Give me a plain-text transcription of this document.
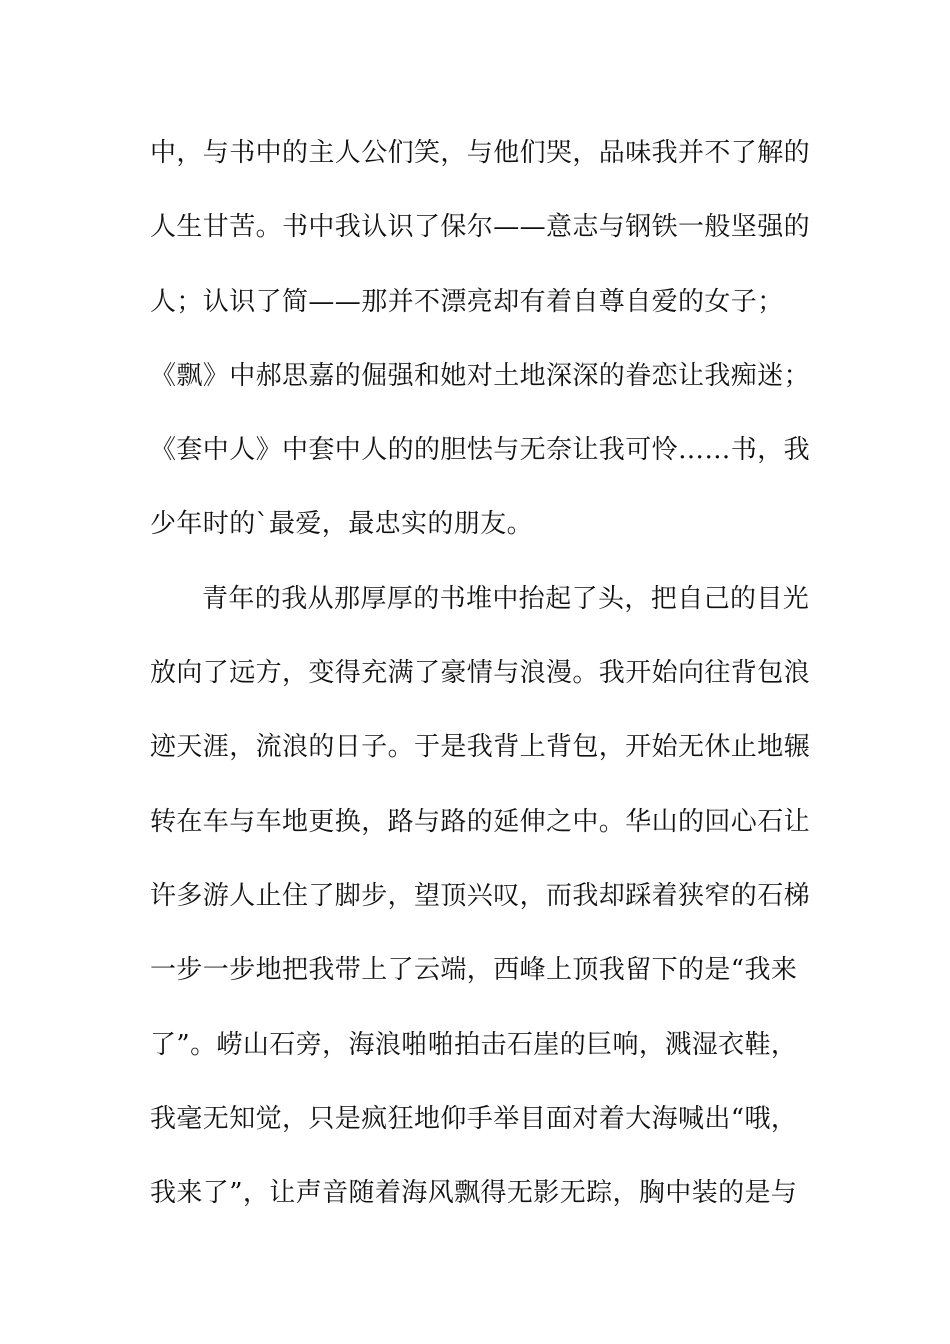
中，与书中的主人公们笑，与他们哭，品味我并不了解的
人生甘苦。书中我认识了保尔——意志与钢铁一般坚强的
人；认识了简——那并不漂亮却有着自尊自爱的女子；
《飘》中郝思嘉的倔强和她对土地深深的眷恋让我痴迷；
《套中人》中套中人的的胆怯与无奈让我可怜……书，我
少年时的`最爱，最忠实的朋友。
青年的我从那厚厚的书堆中抬起了头，把自己的目光
放向了远方，变得充满了豪情与浪漫。我开始向往背包浪
迹天涯，流浪的日子。于是我背上背包，开始无休止地辗
转在车与车地更换，路与路的延伸之中。华山的回心石让
许多游人止住了脚步，望顶兴叹，而我却踩着狭窄的石梯
一步一步地把我带上了云端，西峰上顶我留下的是“我来
了”。崂山石旁，海浪啪啪拍击石崖的巨响，溅湿衣鞋，
我毫无知觉，只是疯狂地仰手举目面对着大海喊出“哦，
我来了”，让声音随着海风飘得无影无踪，胸中装的是与
